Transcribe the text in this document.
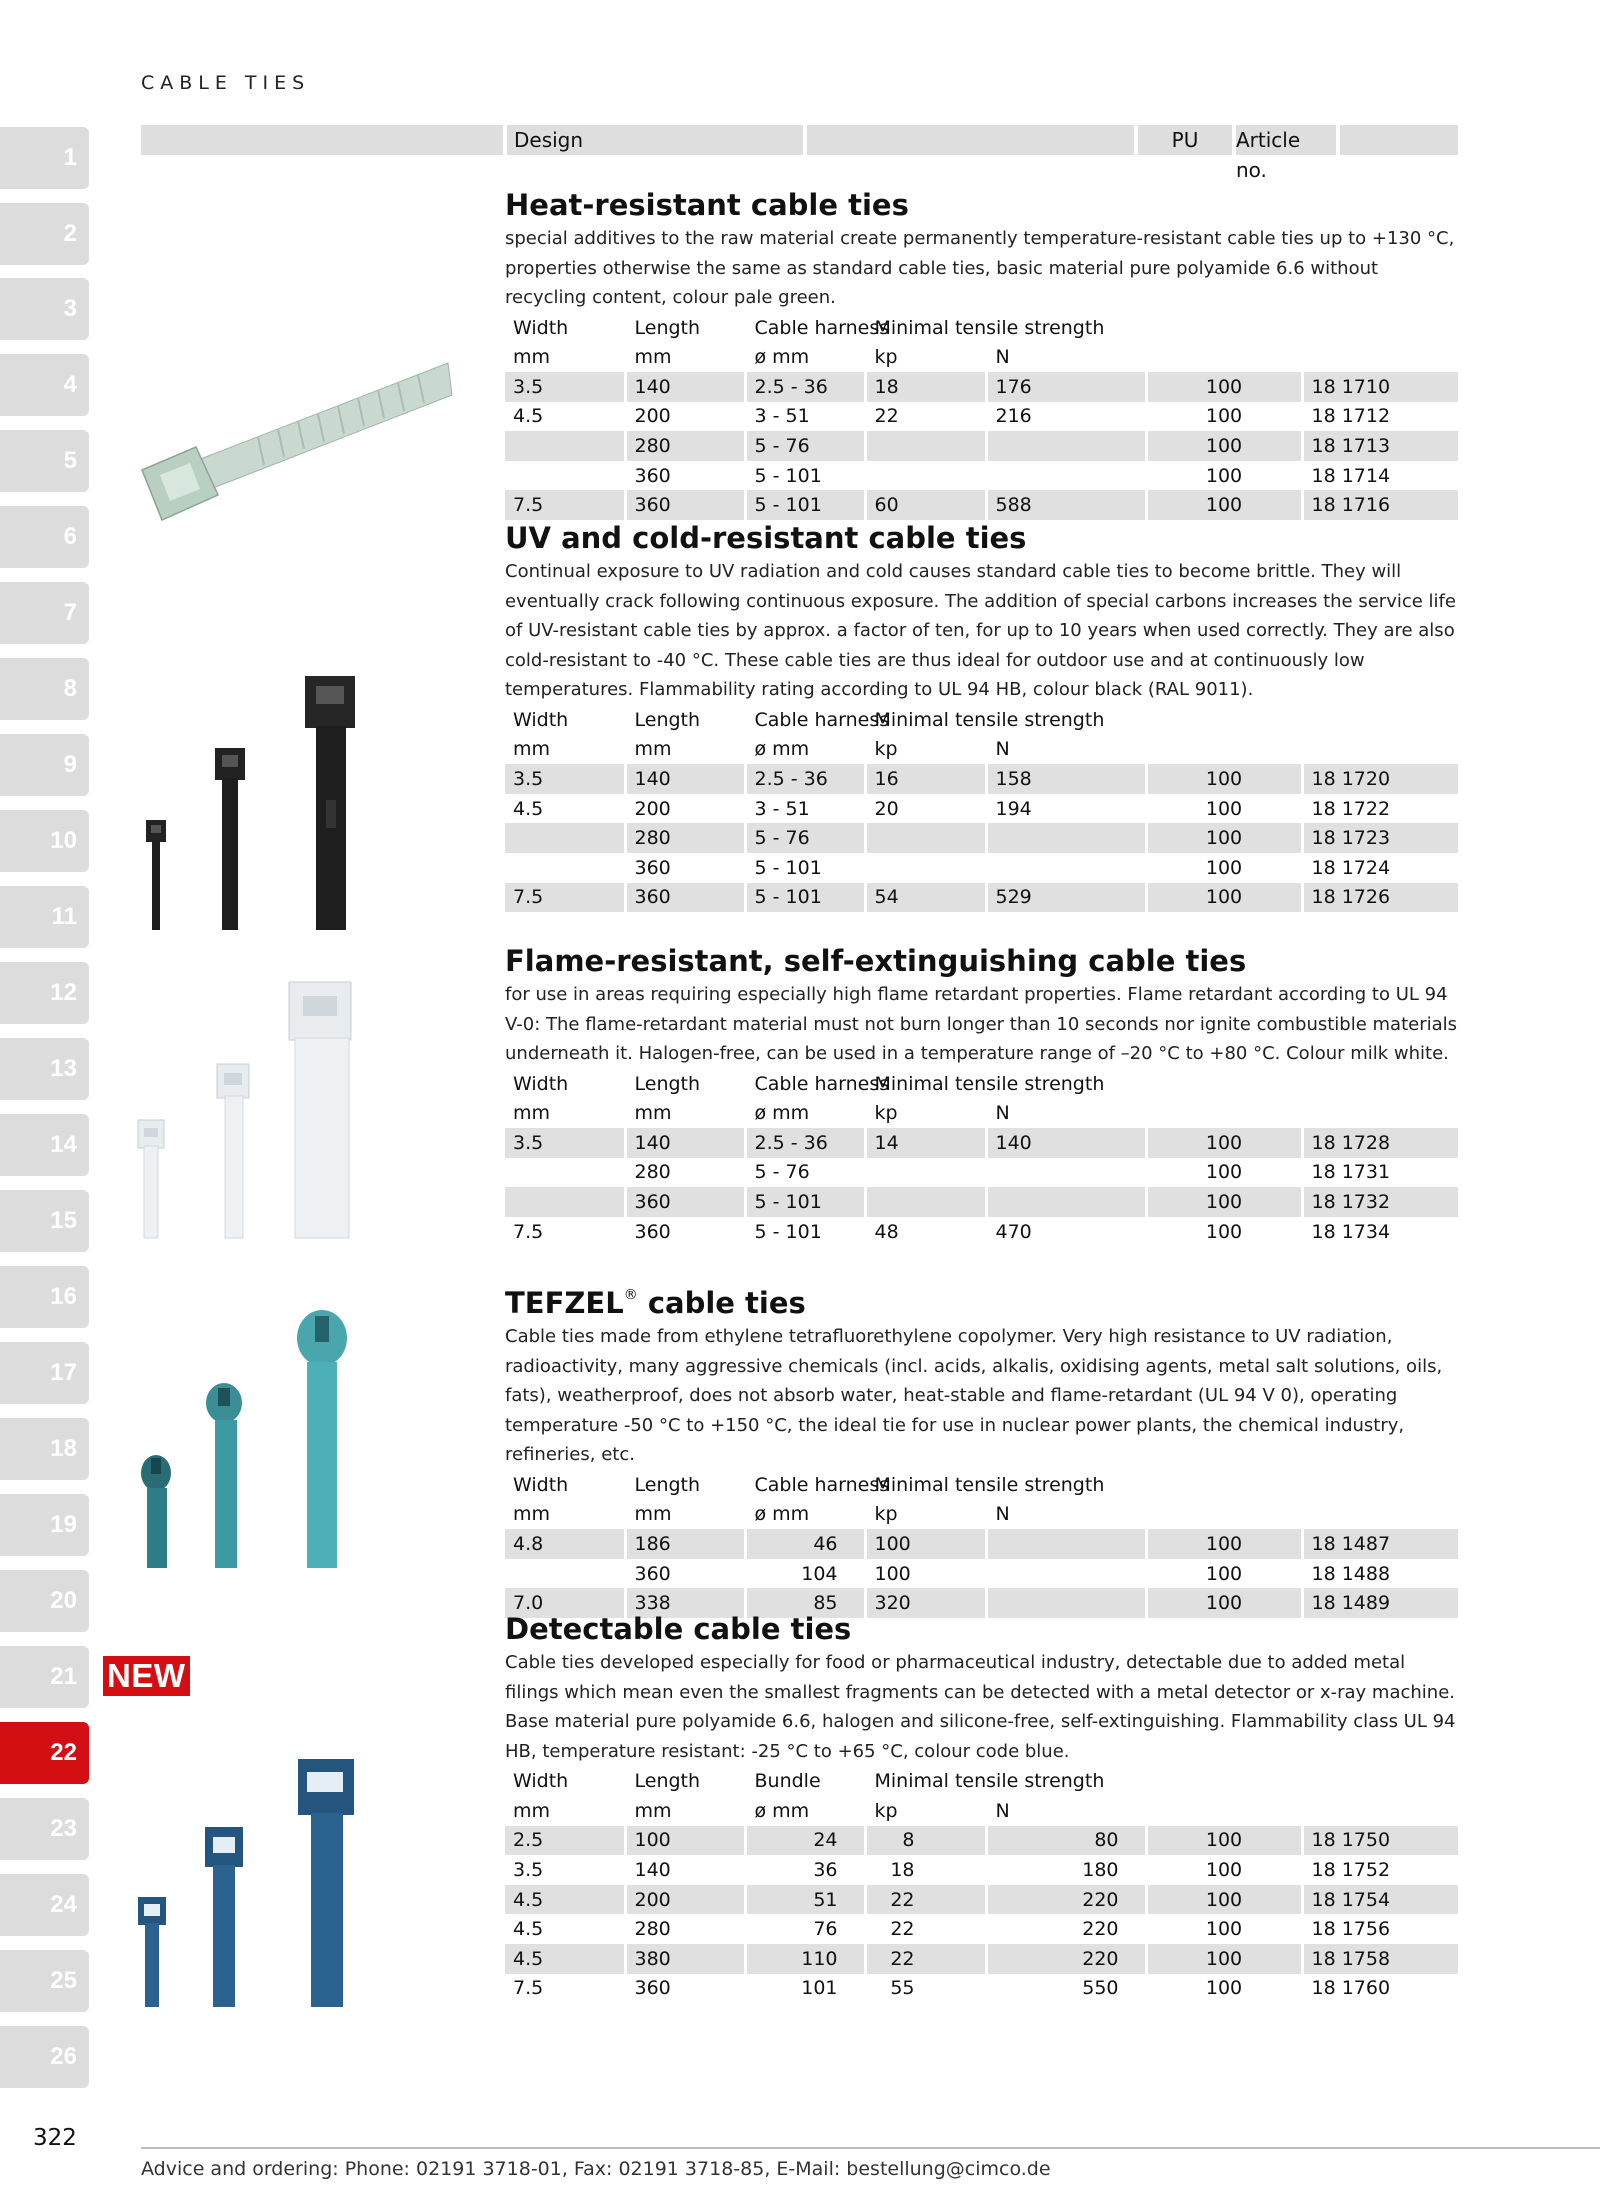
CABLE TIES
1
2
3
4
5
6
7
8
9
10
11
12
13
14
15
16
17
18
19
20
21
22
23
24
25
26
Design	PU	Article no.
NEW
Heat-resistant cable ties

special additives to the raw material create permanently temperature-resistant cable ties up to +130 °C, properties otherwise the same as standard cable ties, basic material pure polyamide 6.6 without recycling content, colour pale green.

Width	Length	Cable harness	Minimal tensile strength			
mm	mm	ø mm	kp	N		
3.5	140	2.5 - 36	18	176	100	18 1710
4.5	200	3 - 51	22	216	100	18 1712
	280	5 - 76			100	18 1713
	360	5 - 101			100	18 1714
7.5	360	5 - 101	60	588	100	18 1716
UV and cold-resistant cable ties

Continual exposure to UV radiation and cold causes standard cable ties to become brittle. They will eventually crack following continuous exposure. The addition of special carbons increases the service life of UV-resistant cable ties by approx. a factor of ten, for up to 10 years when used correctly. They are also cold-resistant to -40 °C. These cable ties are thus ideal for outdoor use and at continuously low temperatures. Flammability rating according to UL 94 HB, colour black (RAL 9011).

Width	Length	Cable harness	Minimal tensile strength			
mm	mm	ø mm	kp	N		
3.5	140	2.5 - 36	16	158	100	18 1720
4.5	200	3 - 51	20	194	100	18 1722
	280	5 - 76			100	18 1723
	360	5 - 101			100	18 1724
7.5	360	5 - 101	54	529	100	18 1726
Flame-resistant, self-extinguishing cable ties

for use in areas requiring especially high flame retardant properties. Flame retardant according to UL 94 V-0: The flame-retardant material must not burn longer than 10 seconds nor ignite combustible materials underneath it. Halogen-free, can be used in a temperature range of –20 °C to +80 °C. Colour milk white.

Width	Length	Cable harness	Minimal tensile strength			
mm	mm	ø mm	kp	N		
3.5	140	2.5 - 36	14	140	100	18 1728
	280	5 - 76			100	18 1731
	360	5 - 101			100	18 1732
7.5	360	5 - 101	48	470	100	18 1734
TEFZEL® cable ties

Cable ties made from ethylene tetrafluorethylene copolymer. Very high resistance to UV radiation, radioactivity, many aggressive chemicals (incl. acids, alkalis, oxidising agents, metal salt solutions, oils, fats), weatherproof, does not absorb water, heat-stable and flame-retardant (UL 94 V 0), operating temperature -50 °C to +150 °C, the ideal tie for use in nuclear power plants, the chemical industry, refineries, etc.

Width	Length	Cable harness	Minimal tensile strength			
mm	mm	ø mm	kp	N		
4.8	186	46	100		100	18 1487
	360	104	100		100	18 1488
7.0	338	85	320		100	18 1489
Detectable cable ties

Cable ties developed especially for food or pharmaceutical industry, detectable due to added metal filings which mean even the smallest fragments can be detected with a metal detector or x-ray machine. Base material pure polyamide 6.6, halogen and silicone-free, self-extinguishing. Flammability class UL 94 HB, temperature resistant: -25 °C to +65 °C, colour code blue.

Width	Length	Bundle	Minimal tensile strength			
mm	mm	ø mm	kp	N		
2.5	100	24	8	80	100	18 1750
3.5	140	36	18	180	100	18 1752
4.5	200	51	22	220	100	18 1754
4.5	280	76	22	220	100	18 1756
4.5	380	110	22	220	100	18 1758
7.5	360	101	55	550	100	18 1760
322
Advice and ordering: Phone: 02191 3718-01, Fax: 02191 3718-85, E-Mail: bestellung@cimco.de
